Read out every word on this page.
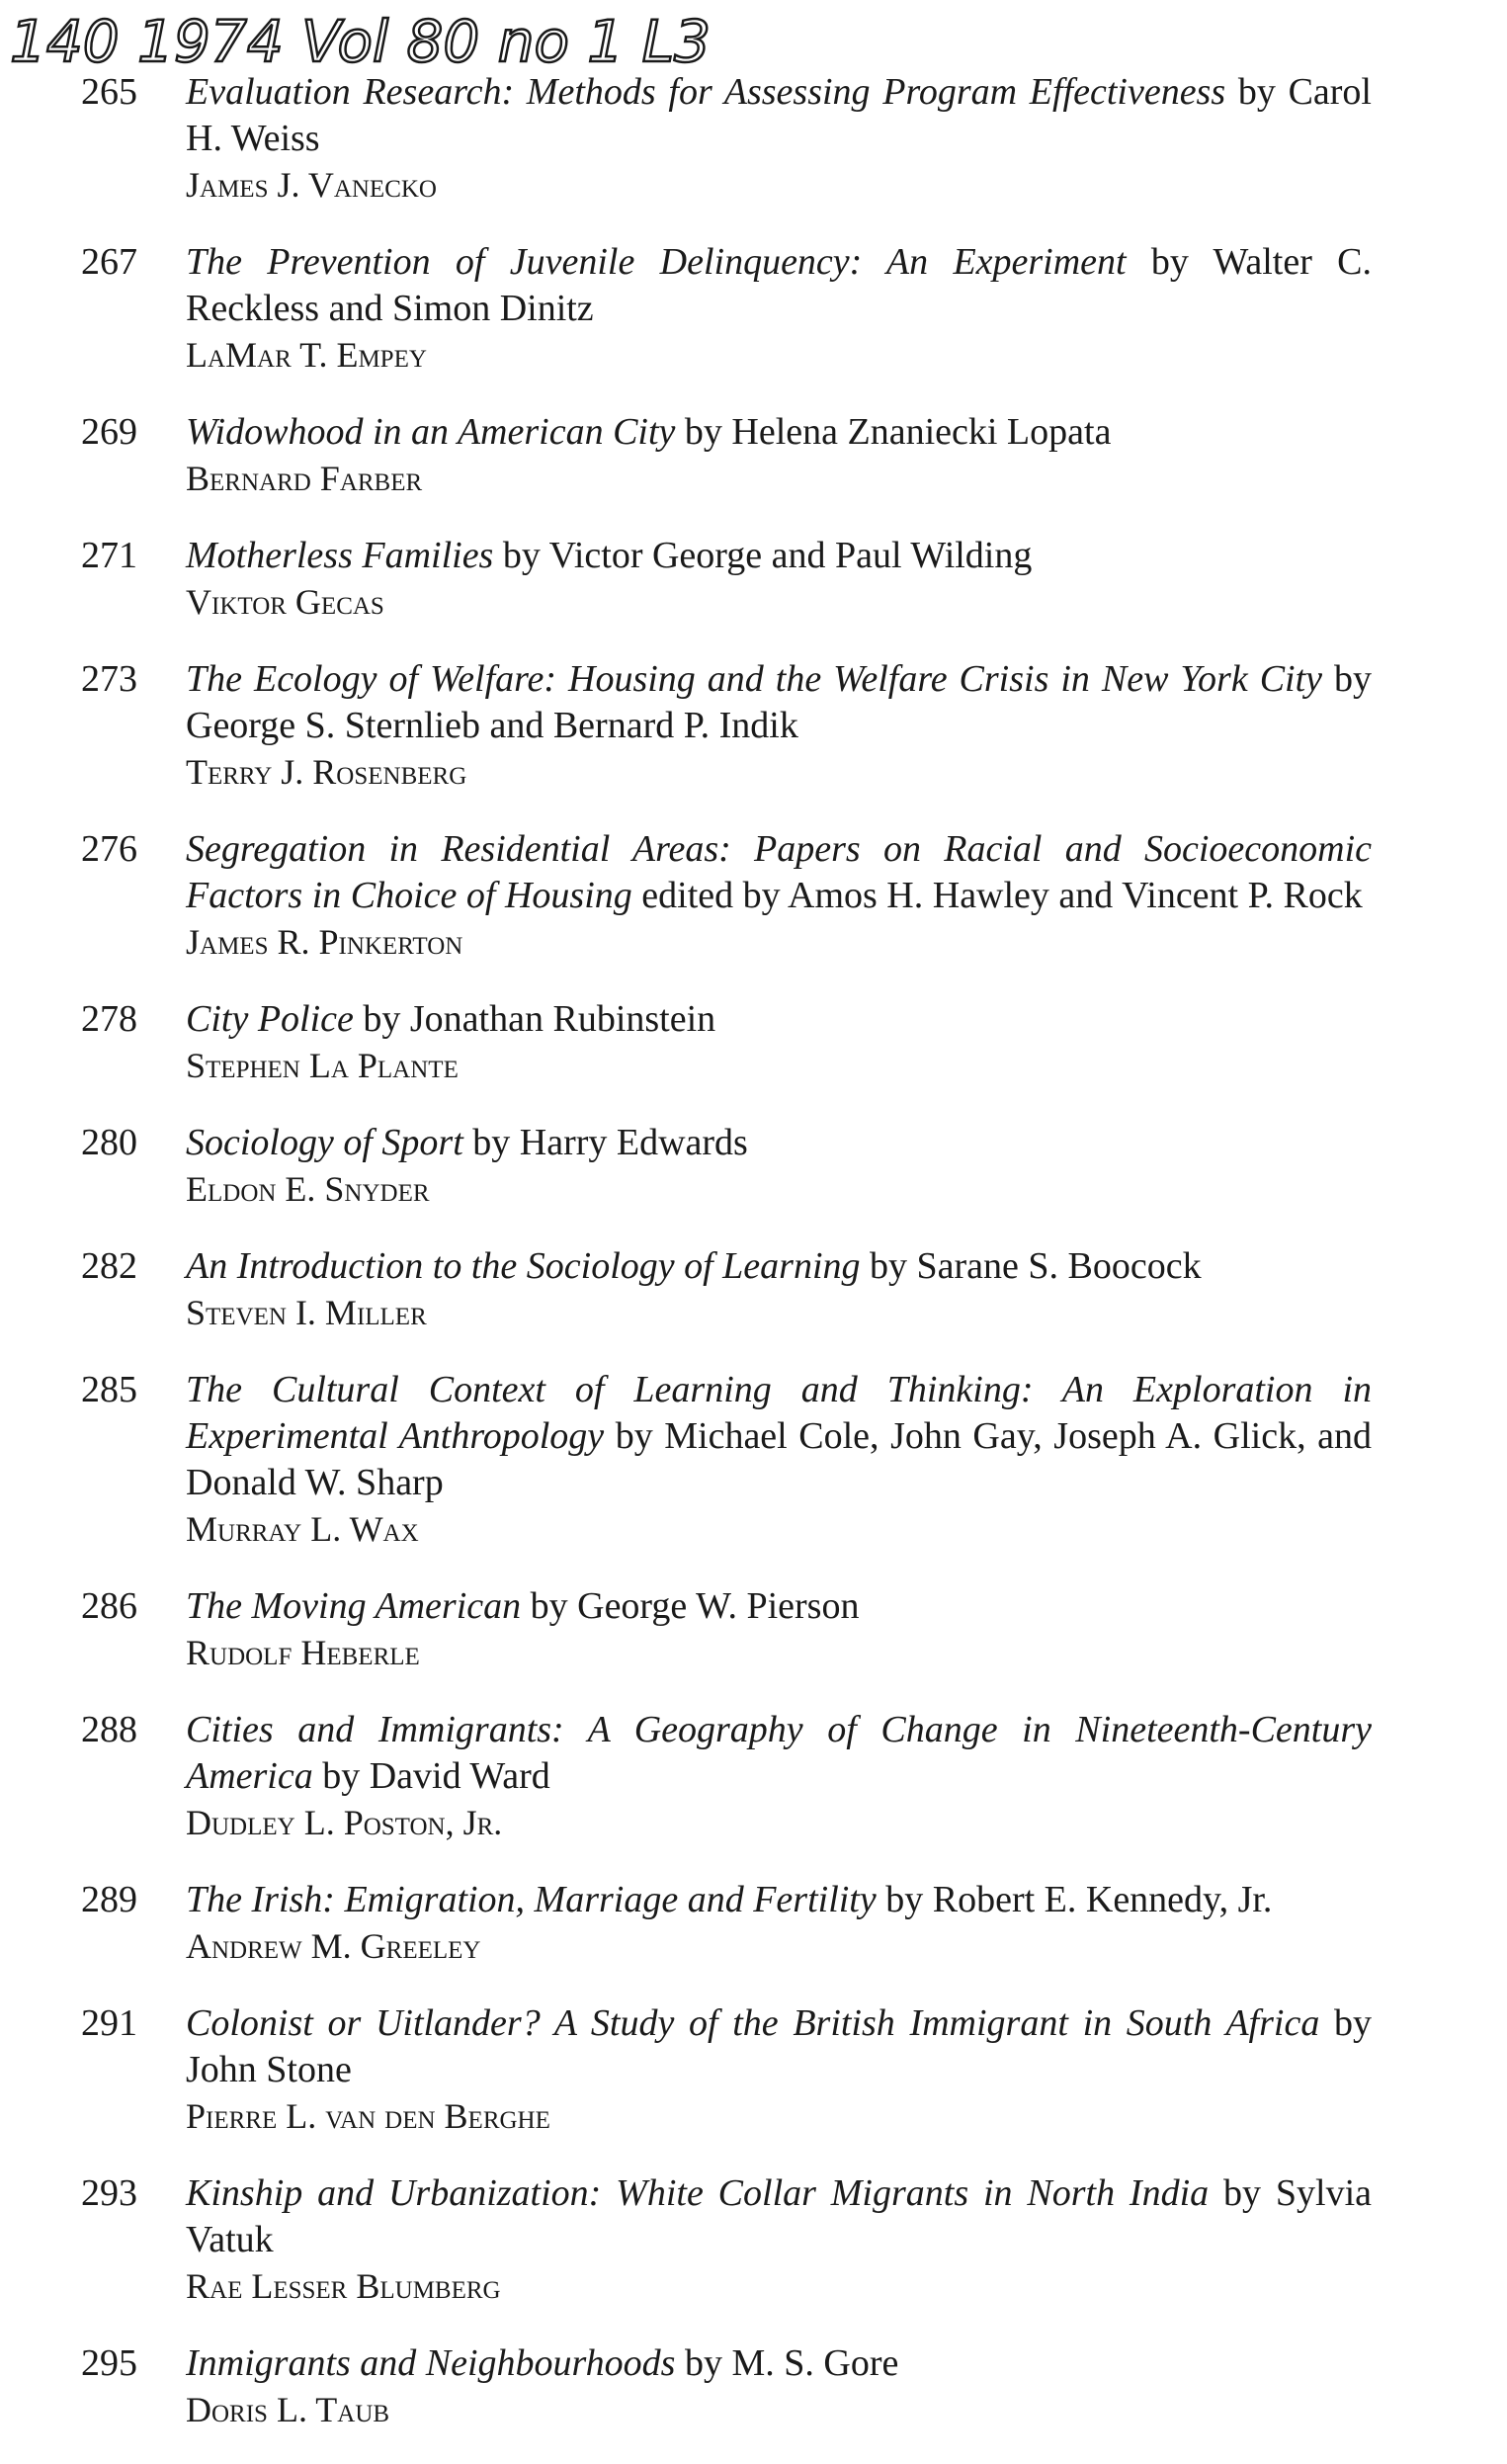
140 1974 Vol 80 no 1 L3
265	Evaluation Research: Methods for Assessing Program Effectiveness by Carol H. Weiss
James J. Vanecko
267	The Prevention of Juvenile Delinquency: An Experiment by Walter C. Reckless and Simon Dinitz
LaMar T. Empey
269	Widowhood in an American City by Helena Znaniecki Lopata
Bernard Farber
271	Motherless Families by Victor George and Paul Wilding
Viktor Gecas
273	The Ecology of Welfare: Housing and the Welfare Crisis in New York City by George S. Sternlieb and Bernard P. Indik
Terry J. Rosenberg
276	Segregation in Residential Areas: Papers on Racial and Socioeconomic Factors in Choice of Housing edited by Amos H. Hawley and Vincent P. Rock
James R. Pinkerton
278	City Police by Jonathan Rubinstein
Stephen La Plante
280	Sociology of Sport by Harry Edwards
Eldon E. Snyder
282	An Introduction to the Sociology of Learning by Sarane S. Boocock
Steven I. Miller
285	The Cultural Context of Learning and Thinking: An Exploration in Experimental Anthropology by Michael Cole, John Gay, Joseph A. Glick, and Donald W. Sharp
Murray L. Wax
286	The Moving American by George W. Pierson
Rudolf Heberle
288	Cities and Immigrants: A Geography of Change in Nineteenth-Century America by David Ward
Dudley L. Poston, Jr.
289	The Irish: Emigration, Marriage and Fertility by Robert E. Kennedy, Jr.
Andrew M. Greeley
291	Colonist or Uitlander? A Study of the British Immigrant in South Africa by John Stone
Pierre L. van den Berghe
293	Kinship and Urbanization: White Collar Migrants in North India by Sylvia Vatuk
Rae Lesser Blumberg
295	Inmigrants and Neighbourhoods by M. S. Gore
Doris L. Taub
